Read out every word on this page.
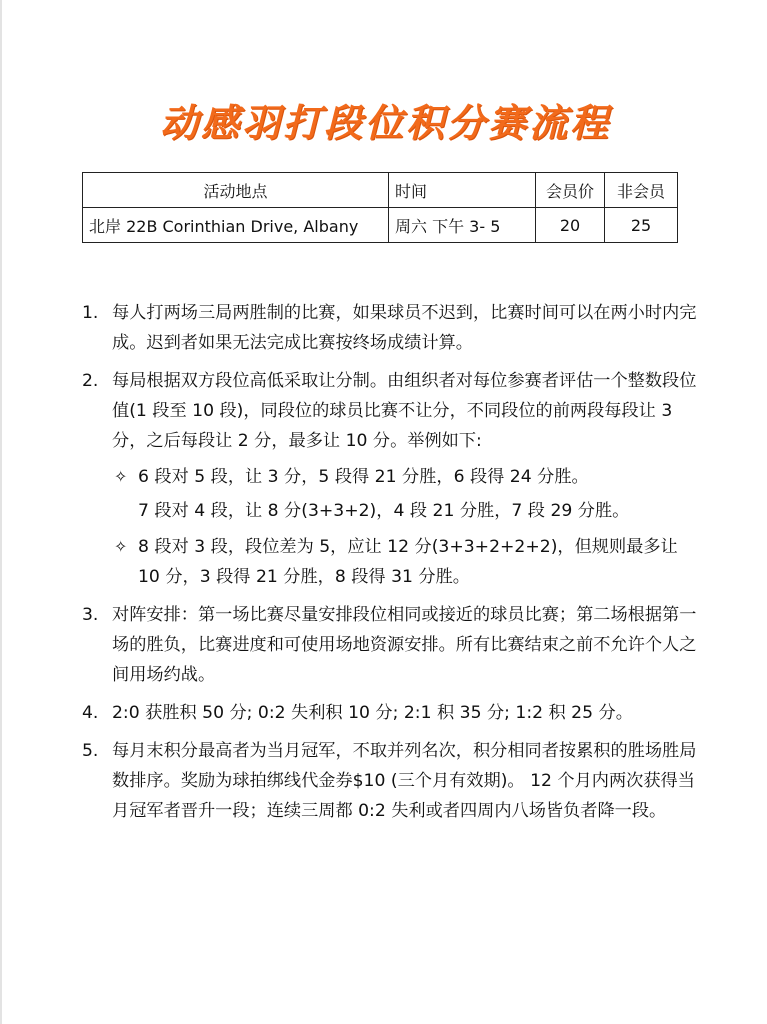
动感羽打段位积分赛流程
活动地点	时间	会员价	非会员
北岸 22B Corinthian Drive, Albany	周六 下午 3- 5	20	25
1. 每人打两场三局两胜制的比赛，如果球员不迟到，比赛时间可以在两小时内完成。迟到者如果无法完成比赛按终场成绩计算。
2. 每局根据双方段位高低采取让分制。由组织者对每位参赛者评估一个整数段位值(1 段至 10 段)，同段位的球员比赛不让分，不同段位的前两段每段让 3 分，之后每段让 2 分，最多让 10 分。举例如下:
✧ 6 段对 5 段，让 3 分，5 段得 21 分胜，6 段得 24 分胜。
7 段对 4 段，让 8 分(3+3+2)，4 段 21 分胜，7 段 29 分胜。
✧ 8 段对 3 段，段位差为 5，应让 12 分(3+3+2+2+2)，但规则最多让 10 分，3 段得 21 分胜，8 段得 31 分胜。
3. 对阵安排：第一场比赛尽量安排段位相同或接近的球员比赛；第二场根据第一场的胜负，比赛进度和可使用场地资源安排。所有比赛结束之前不允许个人之间用场约战。
4. 2:0 获胜积 50 分; 0:2 失利积 10 分; 2:1 积 35 分; 1:2 积 25 分。
5. 每月末积分最高者为当月冠军，不取并列名次，积分相同者按累积的胜场胜局数排序。奖励为球拍绑线代金券$10 (三个月有效期)。 12 个月内两次获得当月冠军者晋升一段；连续三周都 0:2 失利或者四周内八场皆负者降一段。
